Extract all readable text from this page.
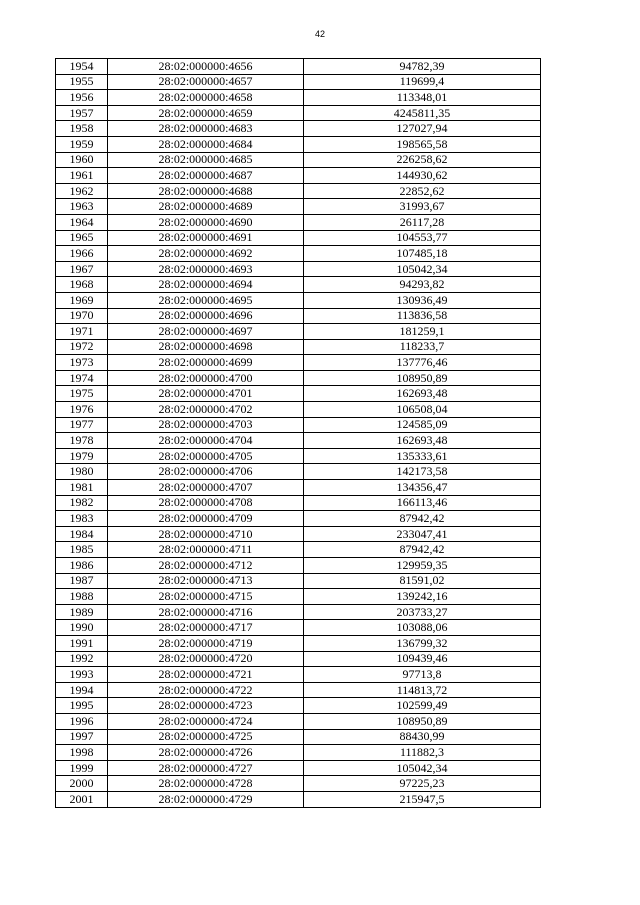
42
1954	28:02:000000:4656	94782,39
1955	28:02:000000:4657	119699,4
1956	28:02:000000:4658	113348,01
1957	28:02:000000:4659	4245811,35
1958	28:02:000000:4683	127027,94
1959	28:02:000000:4684	198565,58
1960	28:02:000000:4685	226258,62
1961	28:02:000000:4687	144930,62
1962	28:02:000000:4688	22852,62
1963	28:02:000000:4689	31993,67
1964	28:02:000000:4690	26117,28
1965	28:02:000000:4691	104553,77
1966	28:02:000000:4692	107485,18
1967	28:02:000000:4693	105042,34
1968	28:02:000000:4694	94293,82
1969	28:02:000000:4695	130936,49
1970	28:02:000000:4696	113836,58
1971	28:02:000000:4697	181259,1
1972	28:02:000000:4698	118233,7
1973	28:02:000000:4699	137776,46
1974	28:02:000000:4700	108950,89
1975	28:02:000000:4701	162693,48
1976	28:02:000000:4702	106508,04
1977	28:02:000000:4703	124585,09
1978	28:02:000000:4704	162693,48
1979	28:02:000000:4705	135333,61
1980	28:02:000000:4706	142173,58
1981	28:02:000000:4707	134356,47
1982	28:02:000000:4708	166113,46
1983	28:02:000000:4709	87942,42
1984	28:02:000000:4710	233047,41
1985	28:02:000000:4711	87942,42
1986	28:02:000000:4712	129959,35
1987	28:02:000000:4713	81591,02
1988	28:02:000000:4715	139242,16
1989	28:02:000000:4716	203733,27
1990	28:02:000000:4717	103088,06
1991	28:02:000000:4719	136799,32
1992	28:02:000000:4720	109439,46
1993	28:02:000000:4721	97713,8
1994	28:02:000000:4722	114813,72
1995	28:02:000000:4723	102599,49
1996	28:02:000000:4724	108950,89
1997	28:02:000000:4725	88430,99
1998	28:02:000000:4726	111882,3
1999	28:02:000000:4727	105042,34
2000	28:02:000000:4728	97225,23
2001	28:02:000000:4729	215947,5
